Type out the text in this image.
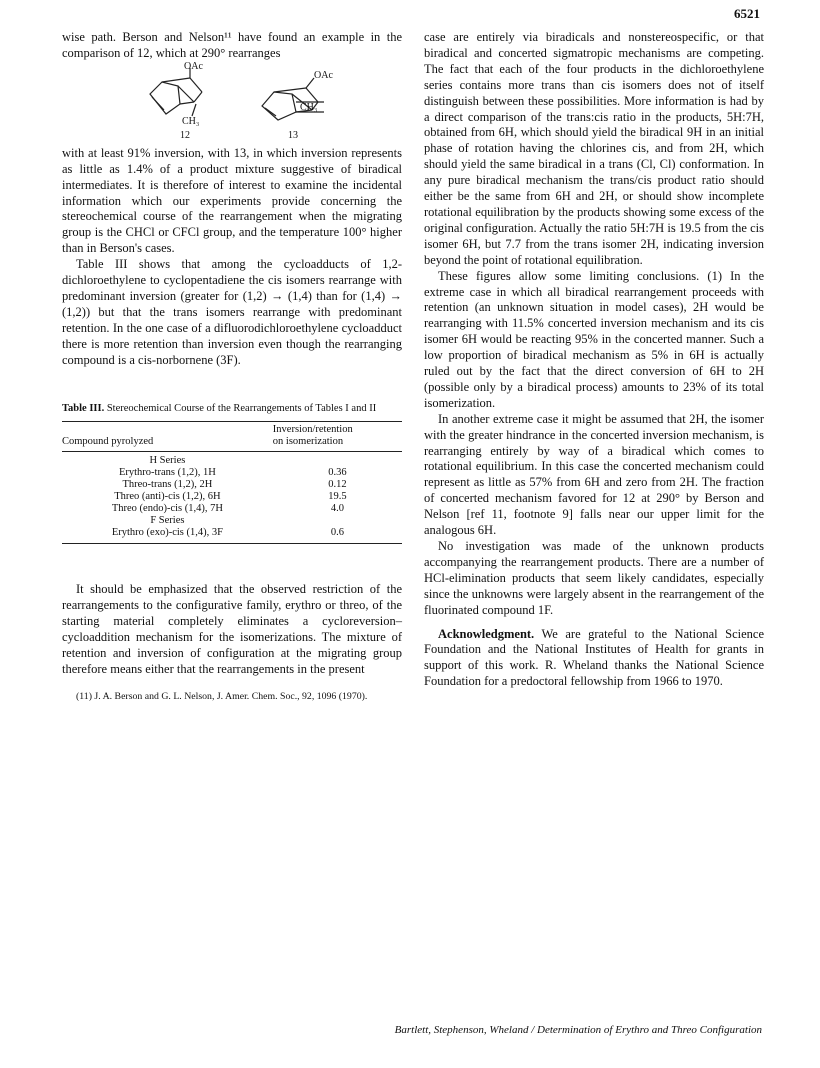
6521

wise path. Berson and Nelson¹¹ have found an example in the comparison of 12, which at 290° rearranges

OAc
CH₃
12
OAc
CH₃
13

with at least 91% inversion, with 13, in which inversion represents as little as 1.4% of a product mixture suggestive of biradical intermediates. It is therefore of interest to examine the incidental information which our experiments provide concerning the stereochemical course of the rearrangement when the migrating group is the CHCl or CFCl group, and the temperature 100° higher than in Berson's cases.

Table III shows that among the cycloadducts of 1,2-dichloroethylene to cyclopentadiene the cis isomers rearrange with predominant inversion (greater for (1,2) → (1,4) than for (1,4) → (1,2)) but that the trans isomers rearrange with predominant retention. In the one case of a difluorodichloroethylene cycloadduct there is more retention than inversion even though the rearranging compound is a cis-norbornene (3F).

Table III. Stereochemical Course of the Rearrangements of Tables I and II
Compound pyrolyzed	Inversion/retention
on isomerization
H Series	
Erythro-trans (1,2), 1H	0.36
Threo-trans (1,2), 2H	0.12
Threo (anti)-cis (1,2), 6H	19.5
Threo (endo)-cis (1,4), 7H	4.0
F Series	
Erythro (exo)-cis (1,4), 3F	0.6

It should be emphasized that the observed restriction of the rearrangements to the configurative family, erythro or threo, of the starting material completely eliminates a cycloreversion–cycloaddition mechanism for the isomerizations. The mixture of retention and inversion of configuration at the migrating group therefore means either that the rearrangements in the present

(11) J. A. Berson and G. L. Nelson, J. Amer. Chem. Soc., 92, 1096 (1970).

case are entirely via biradicals and nonstereospecific, or that biradical and concerted sigmatropic mechanisms are competing. The fact that each of the four products in the dichloroethylene series contains more trans than cis isomers does not of itself distinguish between these possibilities. More information is had by a direct comparison of the trans:cis ratio in the products, 5H:7H, obtained from 6H, which should yield the biradical 9H in an initial phase of rotation having the chlorines cis, and from 2H, which should yield the same biradical in a trans (Cl, Cl) conformation. In any pure biradical mechanism the trans/cis product ratio should either be the same from 6H and 2H, or should show incomplete rotational equilibration by the products showing some excess of the original configuration. Actually the ratio 5H:7H is 19.5 from the cis isomer 6H, but 7.7 from the trans isomer 2H, indicating inversion beyond the point of rotational equilibration.

These figures allow some limiting conclusions. (1) In the extreme case in which all biradical rearrangement proceeds with retention (an unknown situation in model cases), 2H would be rearranging with 11.5% concerted inversion mechanism and its cis isomer 6H would be reacting 95% in the concerted manner. Such a low proportion of biradical mechanism as 5% in 6H is actually ruled out by the fact that the direct conversion of 6H to 2H (possible only by a biradical process) amounts to 23% of its total isomerization.

In another extreme case it might be assumed that 2H, the isomer with the greater hindrance in the concerted inversion mechanism, is rearranging entirely by way of a biradical which comes to rotational equilibrium. In this case the concerted mechanism could represent as little as 57% from 6H and zero from 2H. The fraction of concerted mechanism favored for 12 at 290° by Berson and Nelson [ref 11, footnote 9] falls near our upper limit for the analogous 6H.

No investigation was made of the unknown products accompanying the rearrangement products. There are a number of HCl-elimination products that seem likely candidates, especially since the unknowns were largely absent in the rearrangement of the fluorinated compound 1F.

Acknowledgment. We are grateful to the National Science Foundation and the National Institutes of Health for grants in support of this work. R. Wheland thanks the National Science Foundation for a predoctoral fellowship from 1966 to 1970.

Bartlett, Stephenson, Wheland / Determination of Erythro and Threo Configuration
